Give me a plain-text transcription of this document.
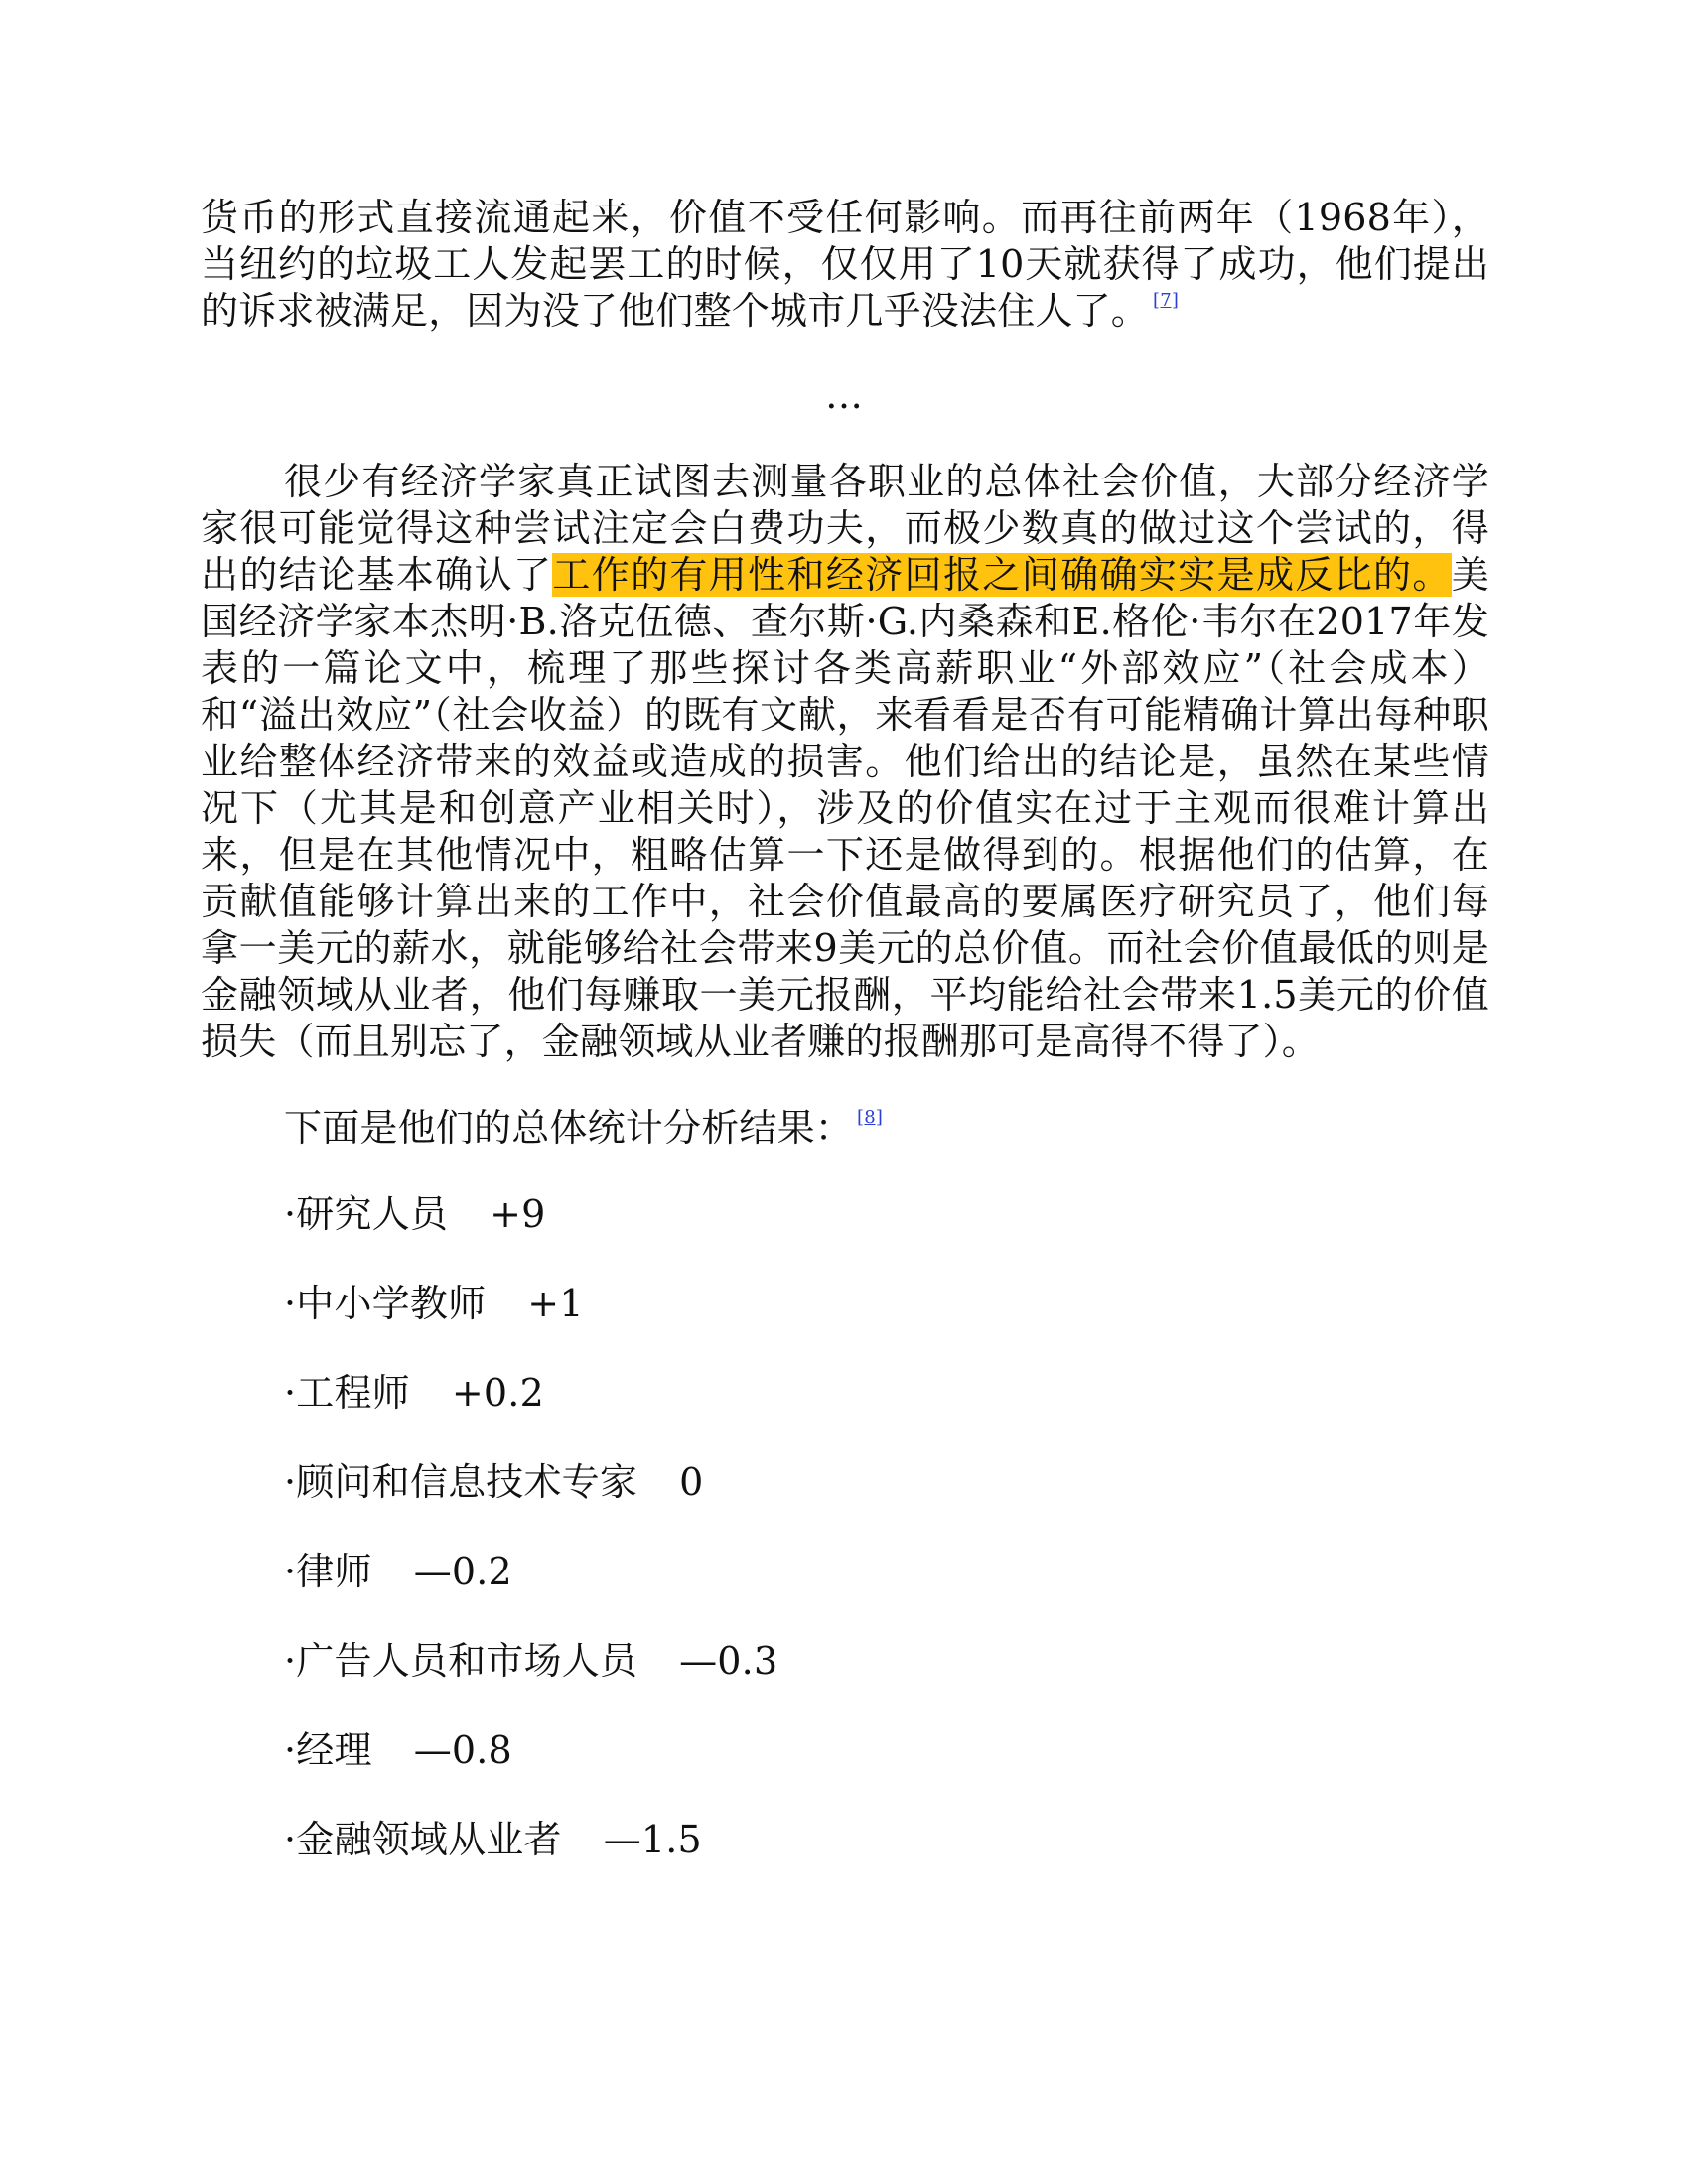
货币的形式直接流通起来，价值不受任何影响。而再往前两年（1968年），当纽约的垃圾工人发起罢工的时候，仅仅用了10天就获得了成功，他们提出的诉求被满足，因为没了他们整个城市几乎没法住人了。 [7]

…

很少有经济学家真正试图去测量各职业的总体社会价值，大部分经济学家很可能觉得这种尝试注定会白费功夫，而极少数真的做过这个尝试的，得出的结论基本确认了工作的有用性和经济回报之间确确实实是成反比的。美国经济学家本杰明·B.洛克伍德、查尔斯·G.内桑森和E.格伦·韦尔在2017年发表的一篇论文中，梳理了那些探讨各类高薪职业“外部效应”（社会成本）和“溢出效应”（社会收益）的既有文献，来看看是否有可能精确计算出每种职业给整体经济带来的效益或造成的损害。他们给出的结论是，虽然在某些情况下（尤其是和创意产业相关时），涉及的价值实在过于主观而很难计算出来，但是在其他情况中，粗略估算一下还是做得到的。根据他们的估算，在贡献值能够计算出来的工作中，社会价值最高的要属医疗研究员了，他们每拿一美元的薪水，就能够给社会带来9美元的总价值。而社会价值最低的则是金融领域从业者，他们每赚取一美元报酬，平均能给社会带来1.5美元的价值损失（而且别忘了，金融领域从业者赚的报酬那可是高得不得了）。

下面是他们的总体统计分析结果： [8]

·研究人员 +9
·中小学教师 +1
·工程师 +0.2
·顾问和信息技术专家 0
·律师 —0.2
·广告人员和市场人员 —0.3
·经理 —0.8
·金融领域从业者 —1.5
